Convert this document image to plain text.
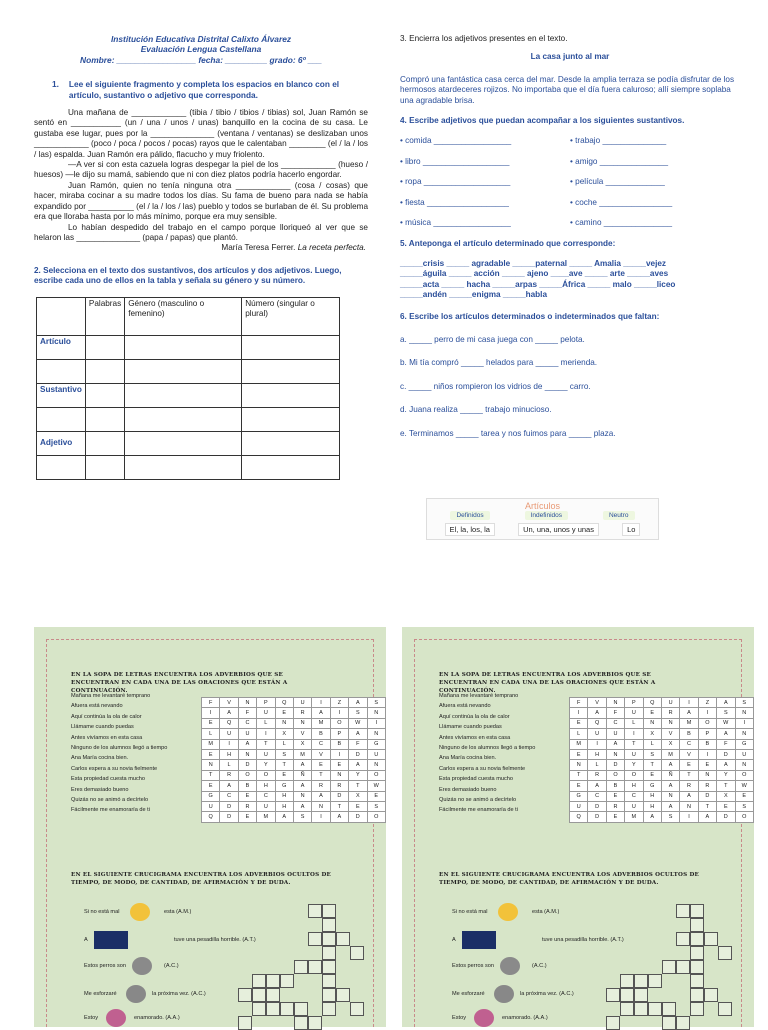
Institución Educativa Distrital Calixto Álvarez
Evaluación Lengua Castellana
Nombre: _________________ fecha: _________ grado: 6º ___
1. Lee el siguiente fragmento y completa los espacios en blanco con el artículo, sustantivo o adjetivo que corresponda.

Una mañana de ____________ (tibia / tibio / tibios / tibias) sol, Juan Ramón se sentó en ___________ (un / una / unos / unas) banquillo en la cocina de su casa. Le gustaba ese lugar, pues por la ______________ (ventana / ventanas) se deslizaban unos ____________ (poco / poca / pocos / pocas) rayos que le calentaban ________ (el / la / los / las) espalda. Juan Ramón era pálido, flacucho y muy friolento.

—A ver si con esta cazuela logras despegar la piel de los ____________ (hueso / huesos) —le dijo su mamá, sabiendo que ni con diez platos podría hacerlo engordar.

Juan Ramón, quien no tenía ninguna otra ____________ (cosa / cosas) que hacer, miraba cocinar a su madre todos los días. Su fama de bueno para nada se había expandido por __________ (el / la / los / las) pueblo y todos se burlaban de él. Su problema era que lloraba hasta por lo más mínimo, porque era muy sensible.

Lo habían despedido del trabajo en el campo porque lloriqueó al ver que se helaron las ______________ (papa / papas) que plantó.

María Teresa Ferrer. La receta perfecta.
2. Selecciona en el texto dos sustantivos, dos artículos y dos adjetivos. Luego, escribe cada uno de ellos en la tabla y señala su género y su número.
	Palabras	Género (masculino o femenino)	Número (singular o plural)
Artículo			

Sustantivo			

Adjetivo			

3. Encierra los adjetivos presentes en el texto.
La casa junto al mar
Compró una fantástica casa cerca del mar. Desde la amplia terraza se podía disfrutar de los hermosos atardeceres rojizos. No importaba que el día fuera caluroso; allí siempre soplaba una agradable brisa.
4. Escribe adjetivos que puedan acompañar a los siguientes sustantivos.
• comida _________________	• trabajo ______________
• libro ___________________	• amigo _______________
• ropa ___________________	• película _____________
• fiesta __________________	• coche ________________
• música _________________	• camino _______________
5. Anteponga el artículo determinado que corresponde:
_____crisis _____ agradable _____paternal _____ Amalia _____vejez
_____águila _____ acción _____ ajeno ____ave _____ arte _____aves
_____acta _____ hacha _____arpas _____África _____ malo _____liceo
_____andén _____enigma _____habla
6. Escribe los artículos determinados o indeterminados que faltan:
a. _____ perro de mi casa juega con _____ pelota.
b. Mi tía compró _____ helados para _____ merienda.
c. _____ niños rompieron los vidrios de _____ carro.
d. Juana realiza _____ trabajo minucioso.
e. Terminamos _____ tarea y nos fuimos para _____ plaza.
Artículos
Definidos	Indefinidos	Neutro
El, la, los, la	Un, una, unos y unas	Lo
EN LA SOPA DE LETRAS ENCUENTRA LOS ADVERBIOS QUE SE ENCUENTRAN EN CADA UNA DE LAS ORACIONES QUE ESTÁN A CONTINUACIÓN.
Mañana me levantaré temprano
Afuera está nevando
Aquí continúa la ola de calor
Llámame cuando puedas
Antes vivíamos en esta casa
Ninguno de los alumnos llegó a tiempo
Ana María cocina bien.
Carlos espera a su novia fielmente
Esta propiedad cuesta mucho
Eres demasiado bueno
Quizás no se animó a decírtelo
Fácilmente me enamoraría de ti
F	V	N	P	Q	U	I	Z	A	S
I	A	F	U	E	R	A	I	S	N
E	Q	C	L	N	N	M	O	W	I
L	U	U	I	X	V	B	P	A	N
M	I	A	T	L	X	C	B	F	G
E	H	N	U	S	M	V	I	D	U
N	L	D	Y	T	A	E	E	A	N
T	R	O	O	E	Ñ	T	N	Y	O
E	A	B	H	G	A	R	R	T	W
G	C	E	C	H	N	A	D	X	E
U	D	R	U	H	A	N	T	E	S
Q	D	E	M	A	S	I	A	D	O
EN EL SIGUIENTE CRUCIGRAMA ENCUENTRA LOS ADVERBIOS OCULTOS DE TIEMPO, DE MODO, DE CANTIDAD, DE AFIRMACIÓN Y DE DUDA.
Si no está mal	esta (A.M.)
A	tuve una pesadilla horrible. (A.T.)
Estos perros son	(A.C.)
Me esforzaré	la próxima vez. (A.C.)
Estoy	enamorado. (A.A.)
EN LA SOPA DE LETRAS ENCUENTRA LOS ADVERBIOS QUE SE ENCUENTRAN EN CADA UNA DE LAS ORACIONES QUE ESTÁN A CONTINUACIÓN.
Mañana me levantaré temprano
Afuera está nevando
Aquí continúa la ola de calor
Llámame cuando puedas
Antes vivíamos en esta casa
Ninguno de los alumnos llegó a tiempo
Ana María cocina bien.
Carlos espera a su novia fielmente
Esta propiedad cuesta mucho
Eres demasiado bueno
Quizás no se animó a decírtelo
Fácilmente me enamoraría de ti
F	V	N	P	Q	U	I	Z	A	S
I	A	F	U	E	R	A	I	S	N
E	Q	C	L	N	N	M	O	W	I
L	U	U	I	X	V	B	P	A	N
M	I	A	T	L	X	C	B	F	G
E	H	N	U	S	M	V	I	D	U
N	L	D	Y	T	A	E	E	A	N
T	R	O	O	E	Ñ	T	N	Y	O
E	A	B	H	G	A	R	R	T	W
G	C	E	C	H	N	A	D	X	E
U	D	R	U	H	A	N	T	E	S
Q	D	E	M	A	S	I	A	D	O
EN EL SIGUIENTE CRUCIGRAMA ENCUENTRA LOS ADVERBIOS OCULTOS DE TIEMPO, DE MODO, DE CANTIDAD, DE AFIRMACIÓN Y DE DUDA.
Si no está mal	esta (A.M.)
A	tuve una pesadilla horrible. (A.T.)
Estos perros son	(A.C.)
Me esforzaré	la próxima vez. (A.C.)
Estoy	enamorado. (A.A.)
